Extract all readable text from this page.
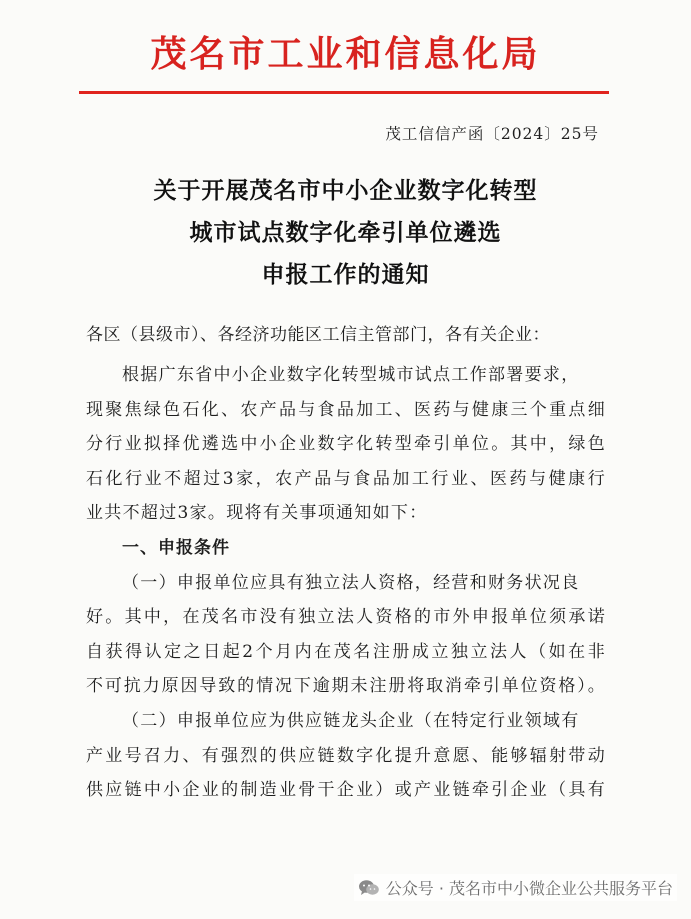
茂名市工业和信息化局
茂工信信产函〔2024〕25号
关于开展茂名市中小企业数字化转型
城市试点数字化牵引单位遴选
申报工作的通知
各区（县级市）、各经济功能区工信主管部门，各有关企业：
根据广东省中小企业数字化转型城市试点工作部署要求，
现聚焦绿色石化、农产品与食品加工、医药与健康三个重点细
分行业拟择优遴选中小企业数字化转型牵引单位。其中，绿色
石化行业不超过3家，农产品与食品加工行业、医药与健康行
业共不超过3家。现将有关事项通知如下：
一、申报条件
（一）申报单位应具有独立法人资格，经营和财务状况良
好。其中，在茂名市没有独立法人资格的市外申报单位须承诺
自获得认定之日起2个月内在茂名注册成立独立法人（如在非
不可抗力原因导致的情况下逾期未注册将取消牵引单位资格）。
（二）申报单位应为供应链龙头企业（在特定行业领域有
产业号召力、有强烈的供应链数字化提升意愿、能够辐射带动
供应链中小企业的制造业骨干企业）或产业链牵引企业（具有
公众号 · 茂名市中小微企业公共服务平台
